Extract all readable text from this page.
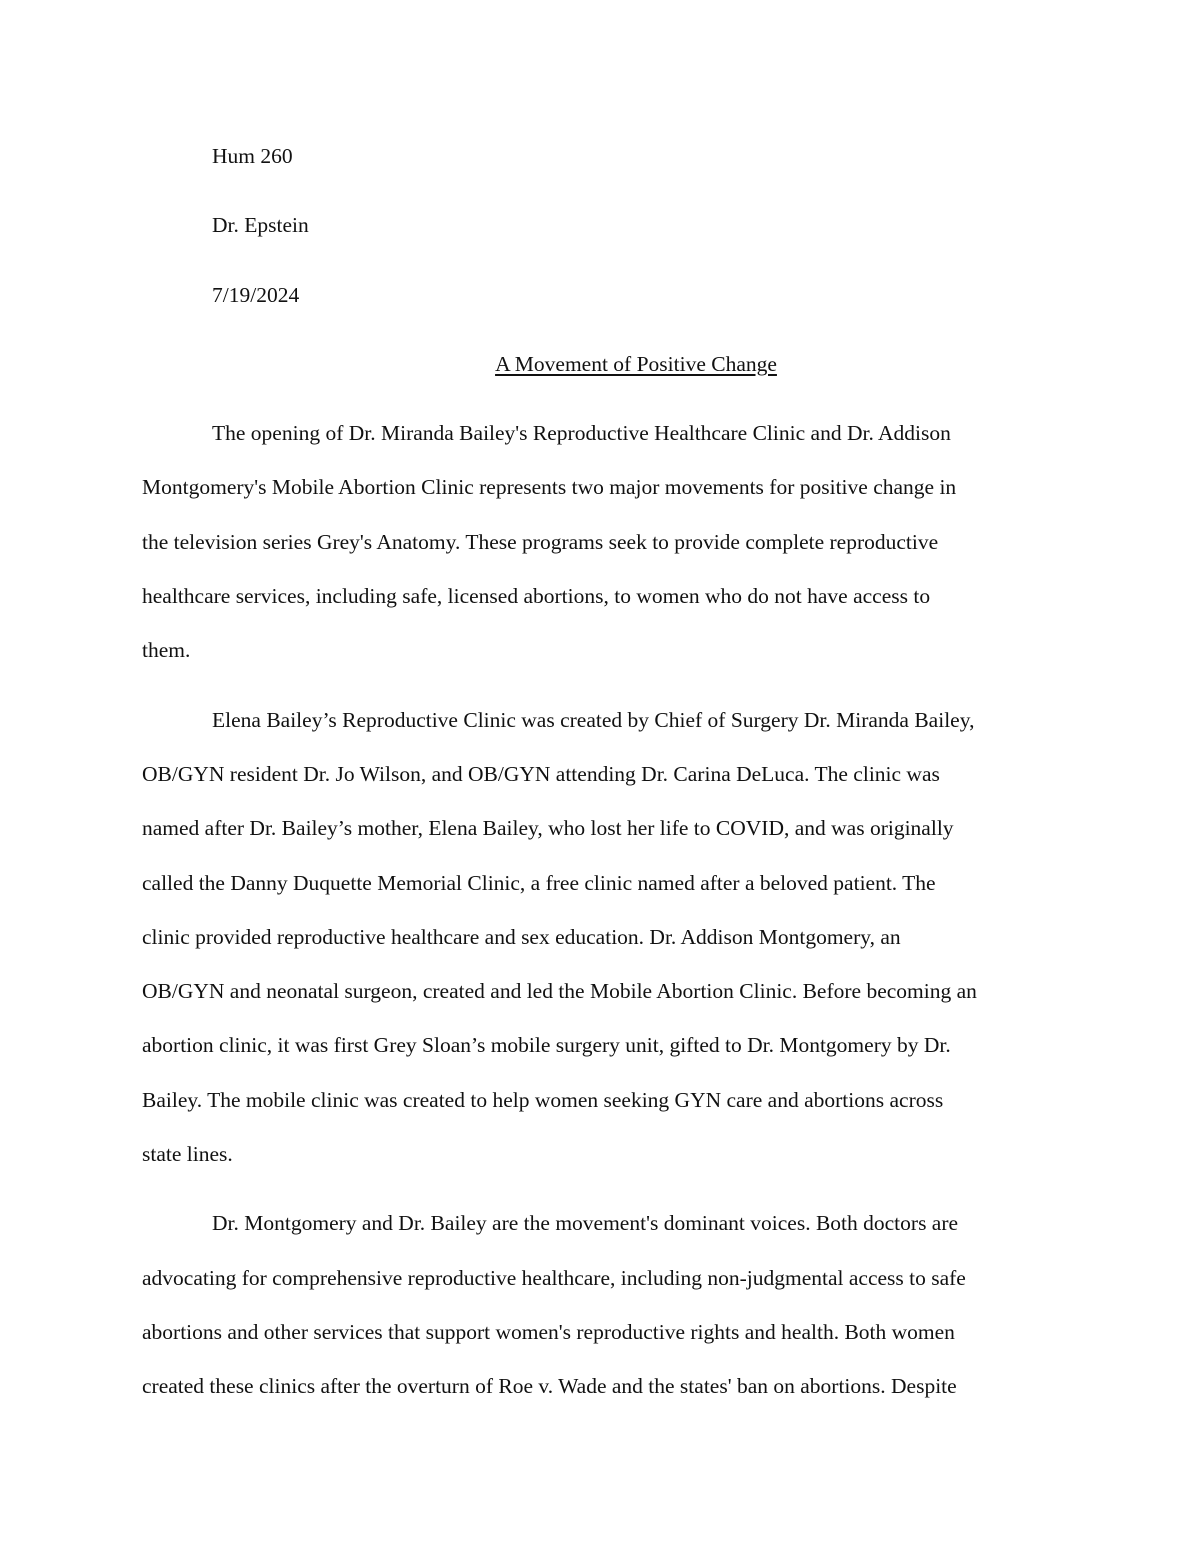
Hum 260
Dr. Epstein
7/19/2024
A Movement of Positive Change
The opening of Dr. Miranda Bailey's Reproductive Healthcare Clinic and Dr. Addison
Montgomery's Mobile Abortion Clinic represents two major movements for positive change in
the television series Grey's Anatomy. These programs seek to provide complete reproductive
healthcare services, including safe, licensed abortions, to women who do not have access to
them.
Elena Bailey’s Reproductive Clinic was created by Chief of Surgery Dr. Miranda Bailey,
OB/GYN resident Dr. Jo Wilson, and OB/GYN attending Dr. Carina DeLuca. The clinic was
named after Dr. Bailey’s mother, Elena Bailey, who lost her life to COVID, and was originally
called the Danny Duquette Memorial Clinic, a free clinic named after a beloved patient. The
clinic provided reproductive healthcare and sex education. Dr. Addison Montgomery, an
OB/GYN and neonatal surgeon, created and led the Mobile Abortion Clinic. Before becoming an
abortion clinic, it was first Grey Sloan’s mobile surgery unit, gifted to Dr. Montgomery by Dr.
Bailey. The mobile clinic was created to help women seeking GYN care and abortions across
state lines.
Dr. Montgomery and Dr. Bailey are the movement's dominant voices. Both doctors are
advocating for comprehensive reproductive healthcare, including non-judgmental access to safe
abortions and other services that support women's reproductive rights and health. Both women
created these clinics after the overturn of Roe v. Wade and the states' ban on abortions. Despite
